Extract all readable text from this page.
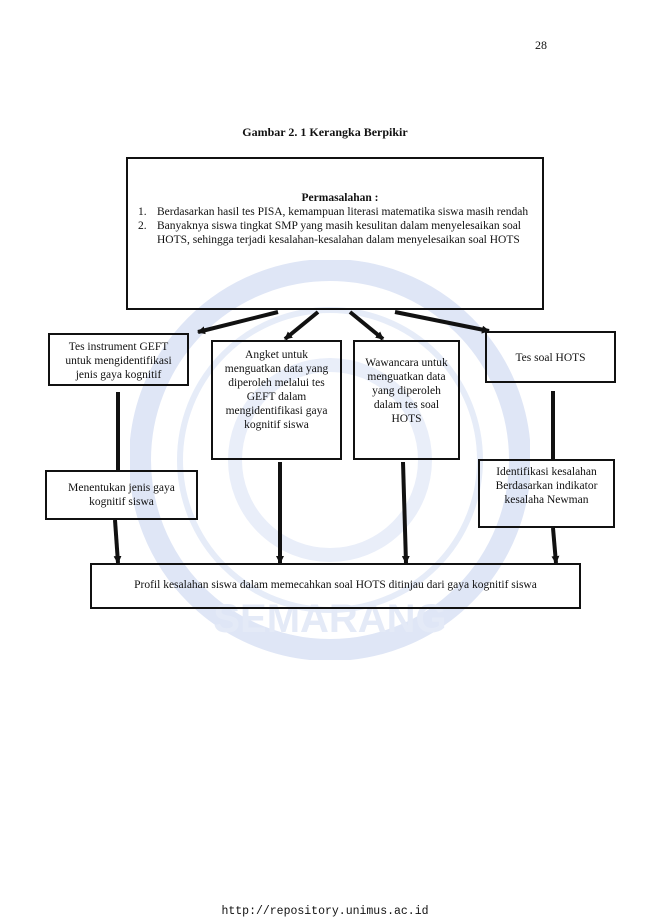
SEMARANG
28
Gambar 2. 1 Kerangka Berpikir
Permasalahan :
1. Berdasarkan hasil tes PISA, kemampuan literasi matematika siswa masih rendah
2. Banyaknya siswa tingkat SMP yang masih kesulitan dalam menyelesaikan soal HOTS, sehingga terjadi kesalahan-kesalahan dalam menyelesaikan soal HOTS
Tes instrument GEFT untuk mengidentifikasi jenis gaya kognitif
Angket untuk menguatkan data yang diperoleh melalui tes GEFT dalam mengidentifikasi gaya kognitif siswa
Wawancara untuk menguatkan data yang diperoleh dalam tes soal HOTS
Tes soal HOTS
Menentukan jenis gaya kognitif siswa
Identifikasi kesalahan Berdasarkan indikator kesalaha Newman
Profil kesalahan siswa dalam memecahkan soal HOTS ditinjau dari gaya kognitif siswa
http://repository.unimus.ac.id
